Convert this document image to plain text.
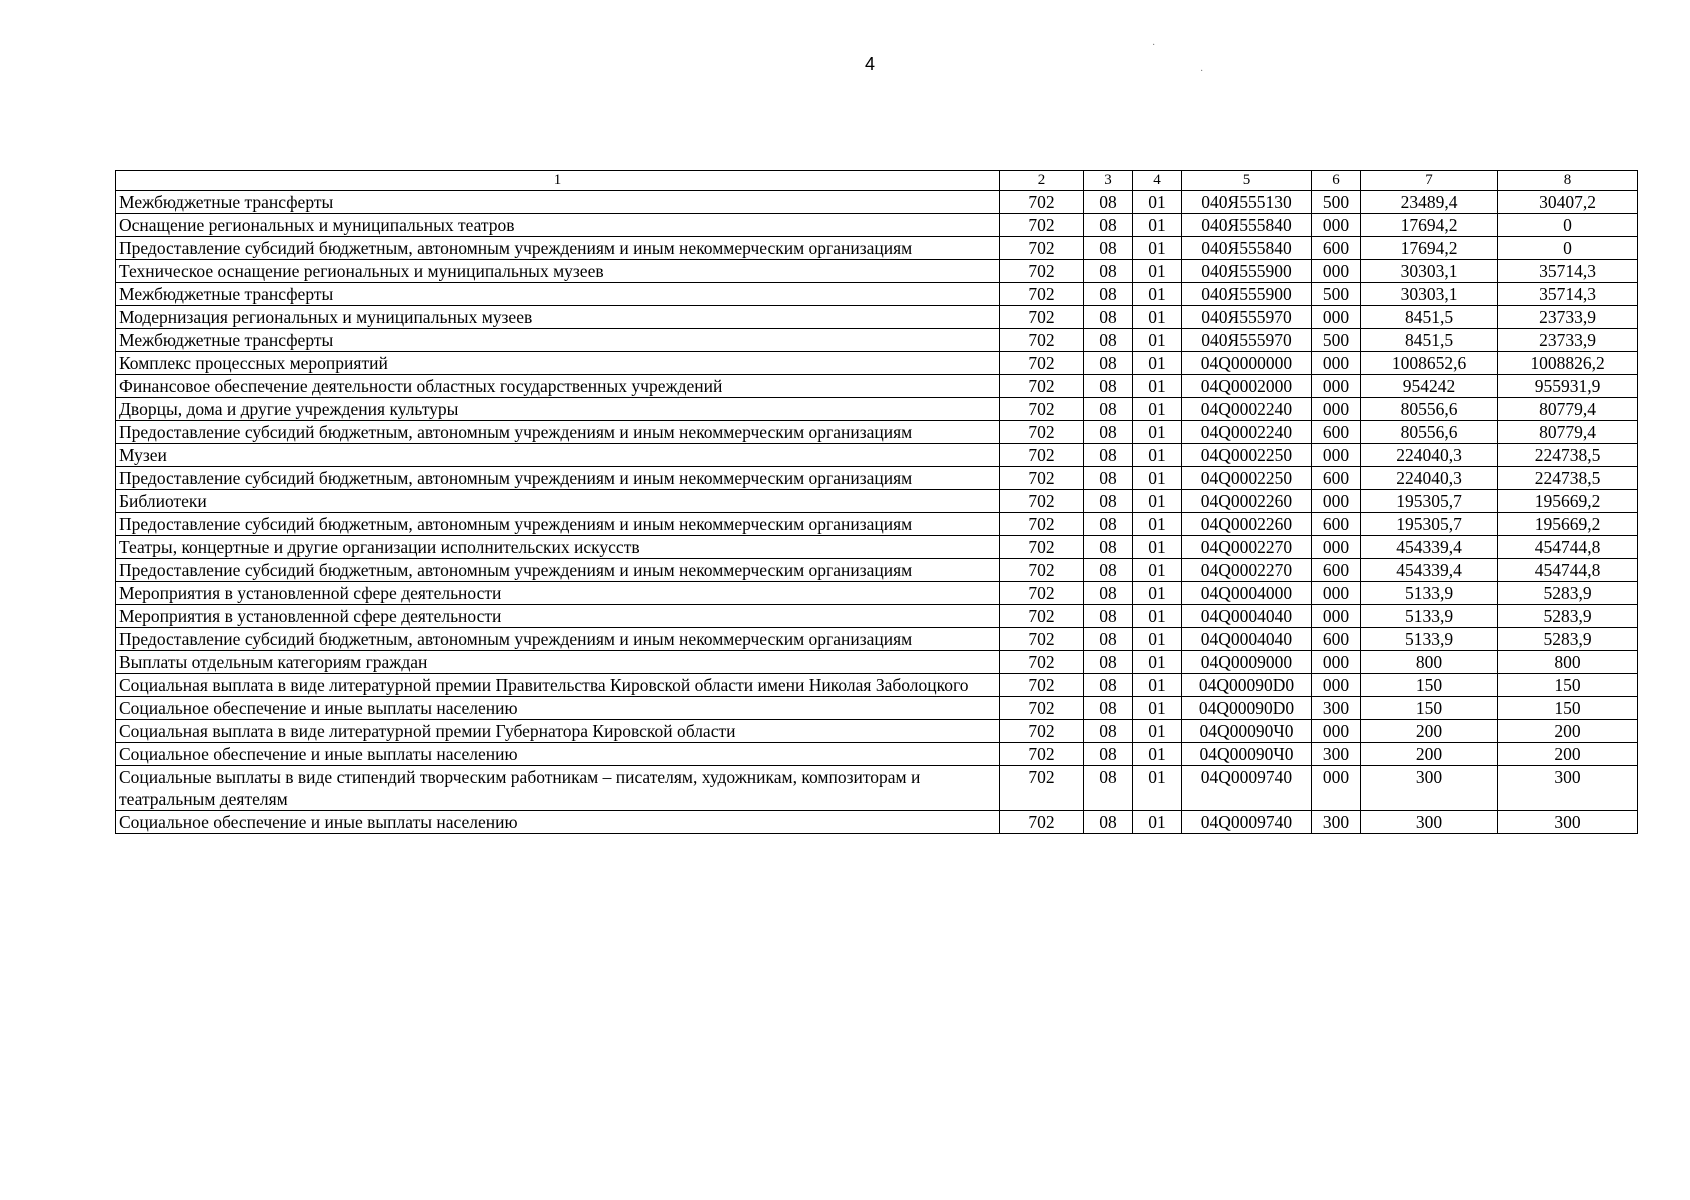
4
·
·
1	2	3	4	5	6	7	8
Межбюджетные трансферты	702	08	01	040Я555130	500	23489,4	30407,2
Оснащение региональных и муниципальных театров	702	08	01	040Я555840	000	17694,2	0
Предоставление субсидий бюджетным, автономным учреждениям и иным некоммерческим организациям	702	08	01	040Я555840	600	17694,2	0
Техническое оснащение региональных и муниципальных музеев	702	08	01	040Я555900	000	30303,1	35714,3
Межбюджетные трансферты	702	08	01	040Я555900	500	30303,1	35714,3
Модернизация региональных и муниципальных музеев	702	08	01	040Я555970	000	8451,5	23733,9
Межбюджетные трансферты	702	08	01	040Я555970	500	8451,5	23733,9
Комплекс процессных мероприятий	702	08	01	04Q0000000	000	1008652,6	1008826,2
Финансовое обеспечение деятельности областных государственных учреждений	702	08	01	04Q0002000	000	954242	955931,9
Дворцы, дома и другие учреждения культуры	702	08	01	04Q0002240	000	80556,6	80779,4
Предоставление субсидий бюджетным, автономным учреждениям и иным некоммерческим организациям	702	08	01	04Q0002240	600	80556,6	80779,4
Музеи	702	08	01	04Q0002250	000	224040,3	224738,5
Предоставление субсидий бюджетным, автономным учреждениям и иным некоммерческим организациям	702	08	01	04Q0002250	600	224040,3	224738,5
Библиотеки	702	08	01	04Q0002260	000	195305,7	195669,2
Предоставление субсидий бюджетным, автономным учреждениям и иным некоммерческим организациям	702	08	01	04Q0002260	600	195305,7	195669,2
Театры, концертные и другие организации исполнительских искусств	702	08	01	04Q0002270	000	454339,4	454744,8
Предоставление субсидий бюджетным, автономным учреждениям и иным некоммерческим организациям	702	08	01	04Q0002270	600	454339,4	454744,8
Мероприятия в установленной сфере деятельности	702	08	01	04Q0004000	000	5133,9	5283,9
Мероприятия в установленной сфере деятельности	702	08	01	04Q0004040	000	5133,9	5283,9
Предоставление субсидий бюджетным, автономным учреждениям и иным некоммерческим организациям	702	08	01	04Q0004040	600	5133,9	5283,9
Выплаты отдельным категориям граждан	702	08	01	04Q0009000	000	800	800
Социальная выплата в виде литературной премии Правительства Кировской области имени Николая Заболоцкого	702	08	01	04Q00090D0	000	150	150
Социальное обеспечение и иные выплаты населению	702	08	01	04Q00090D0	300	150	150
Социальная выплата в виде литературной премии Губернатора Кировской области	702	08	01	04Q00090Ч0	000	200	200
Социальное обеспечение и иные выплаты населению	702	08	01	04Q00090Ч0	300	200	200
Социальные выплаты в виде стипендий творческим работникам – писателям, художникам, композиторам и театральным деятелям	702	08	01	04Q0009740	000	300	300
Социальное обеспечение и иные выплаты населению	702	08	01	04Q0009740	300	300	300
